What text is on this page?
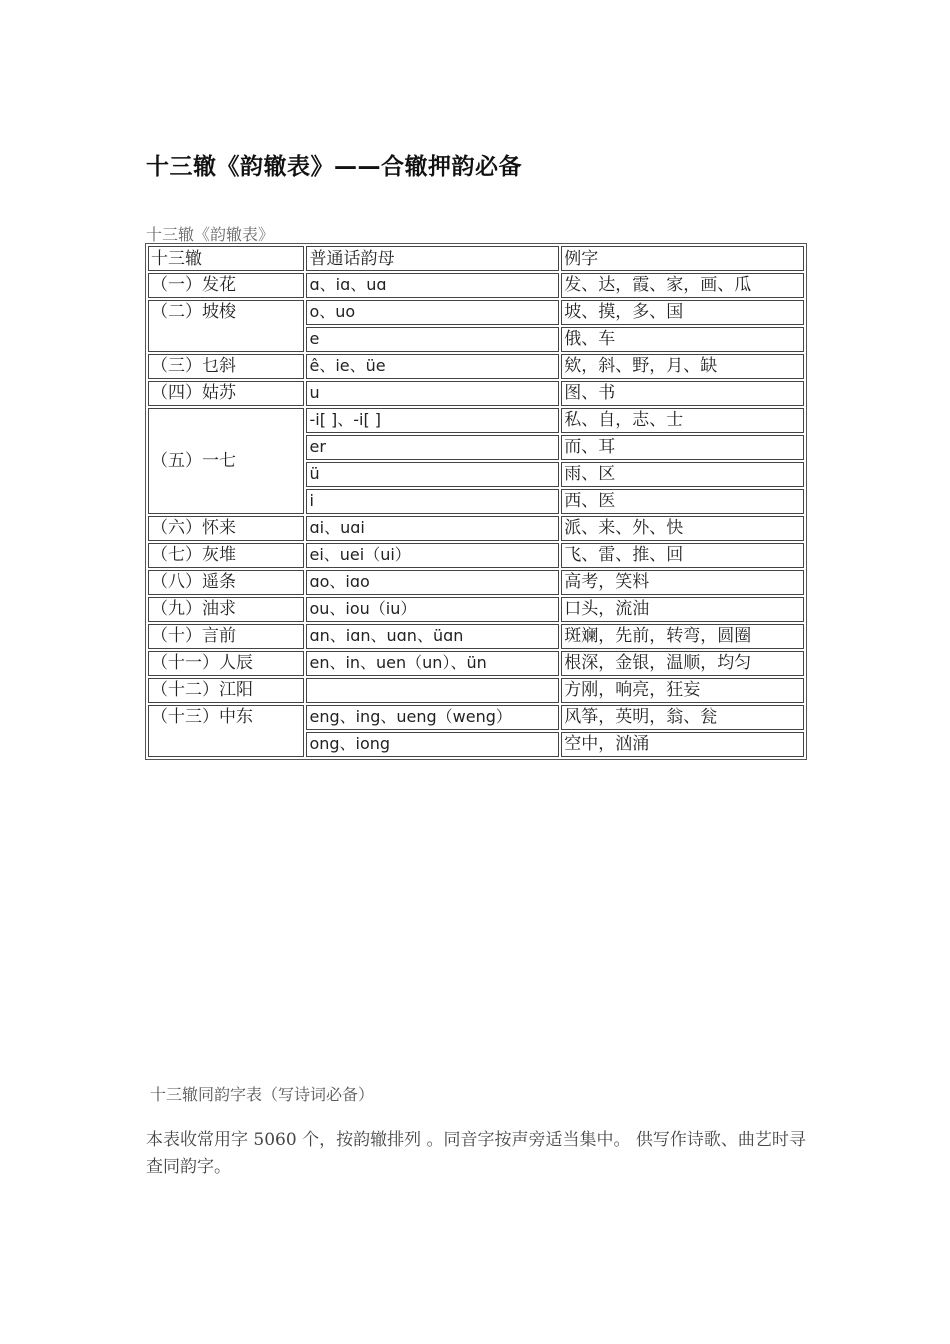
十三辙《韵辙表》——合辙押韵必备
十三辙《韵辙表》
十三辙	普通话韵母	例字
（一）发花	ɑ、iɑ、uɑ	发、达，霞、家，画、瓜
（二）坡梭	o、uo	坡、摸，多、国
	e	俄、车
（三）乜斜	ê、ie、üe	欸，斜、野，月、缺
（四）姑苏	u	图、书
（五）一七	-i[ ]、-i[ ]	私、自，志、士
	er	而、耳
	ü	雨、区
	i	西、医
（六）怀来	ɑi、uɑi	派、来、外、快
（七）灰堆	ei、uei（ui）	飞、雷、推、回
（八）遥条	ɑo、iɑo	高考，笑料
（九）油求	ou、iou（iu）	口头，流油
（十）言前	ɑn、iɑn、uɑn、üɑn	斑斓，先前，转弯，圆圈
（十一）人辰	en、in、uen（un）、ün	根深，金银，温顺，均匀
（十二）江阳		方刚，响亮，狂妄
（十三）中东	eng、ing、ueng（weng）	风筝，英明，翁、瓮
	ong、iong	空中，汹涌
十三辙同韵字表（写诗词必备）

本表收常用字 5060 个，按韵辙排列 。同音字按声旁适当集中。 供写作诗歌、曲艺时寻查同韵字。
